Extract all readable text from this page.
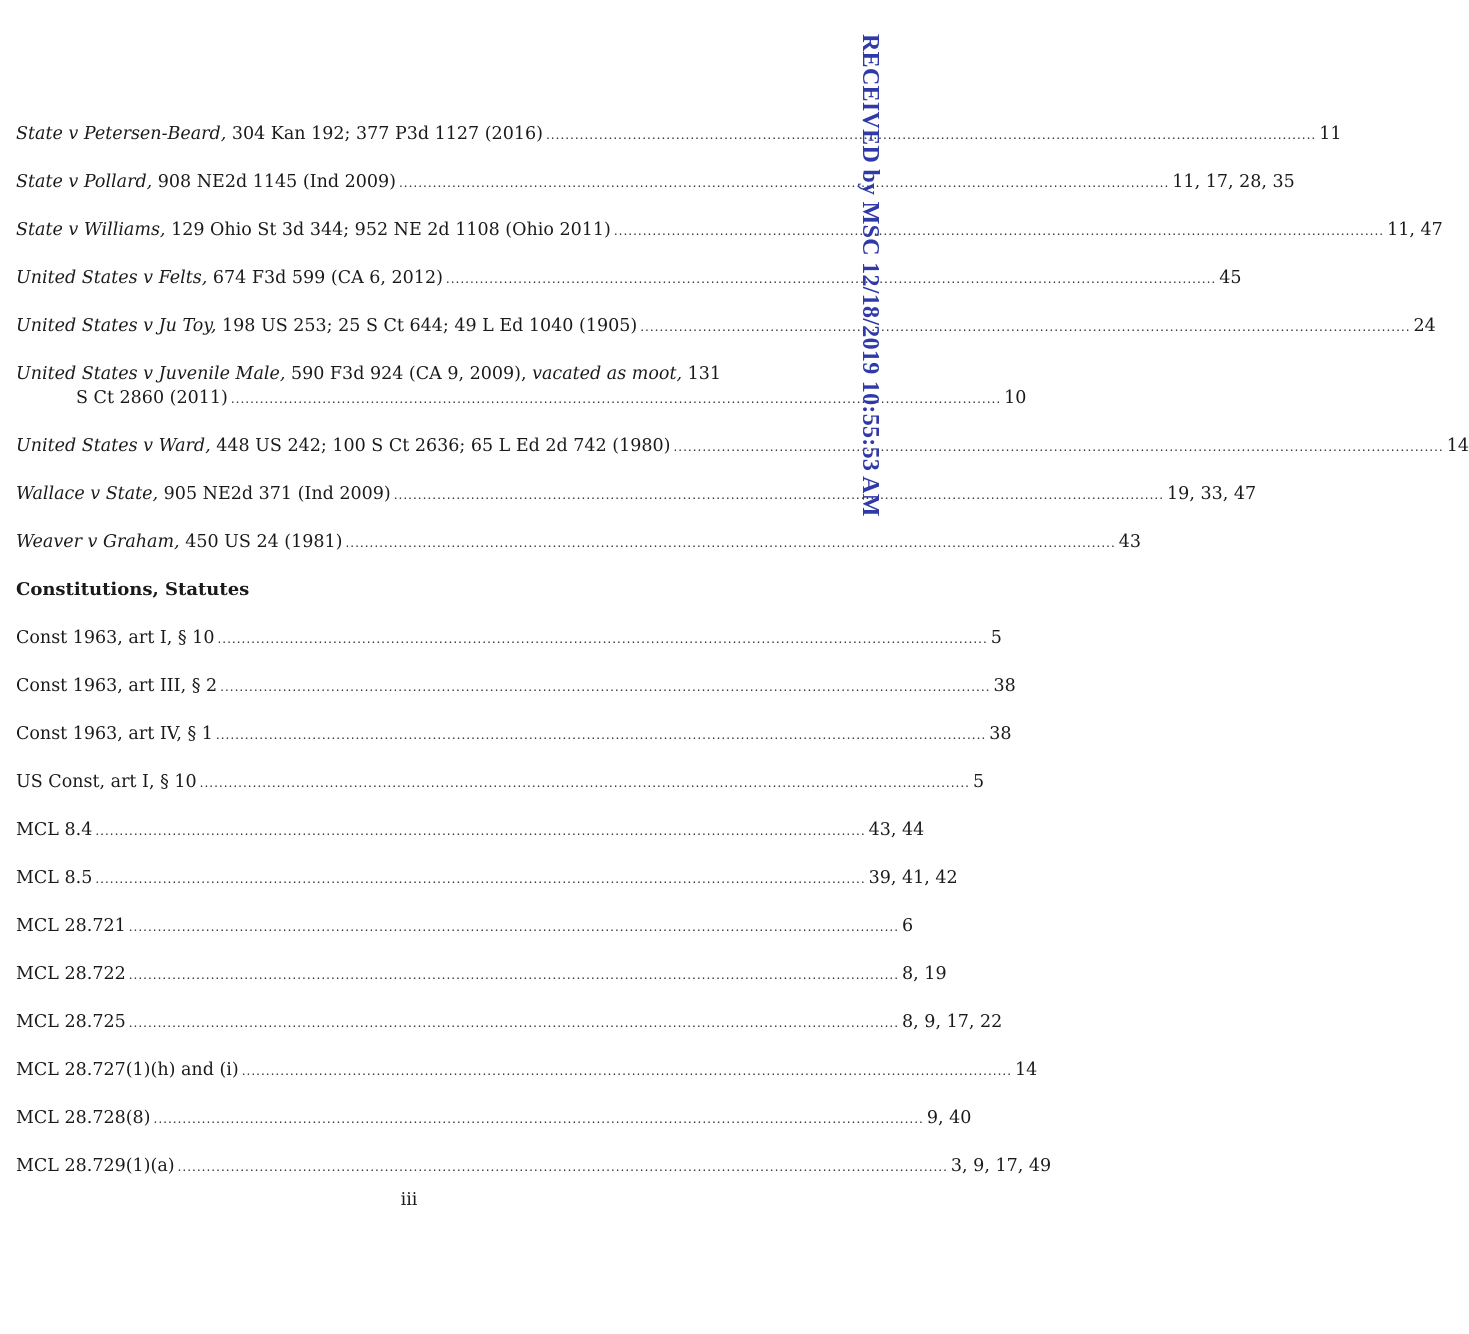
State v Petersen-Beard, 304 Kan 192; 377 P3d 1127 (2016) ................................................................................................................................................................ 11
State v Pollard, 908 NE2d 1145 (Ind 2009) ................................................................................................................................................................ 11, 17, 28, 35
State v Williams, 129 Ohio St 3d 344; 952 NE 2d 1108 (Ohio 2011) ................................................................................................................................................................ 11, 47
United States v Felts, 674 F3d 599 (CA 6, 2012) ................................................................................................................................................................ 45
United States v Ju Toy, 198 US 253; 25 S Ct 644; 49 L Ed 1040 (1905) ................................................................................................................................................................ 24
United States v Juvenile Male, 590 F3d 924 (CA 9, 2009), vacated as moot, 131
S Ct 2860 (2011) ................................................................................................................................................................ 10
United States v Ward, 448 US 242; 100 S Ct 2636; 65 L Ed 2d 742 (1980) ................................................................................................................................................................ 14
Wallace v State, 905 NE2d 371 (Ind 2009) ................................................................................................................................................................ 19, 33, 47
Weaver v Graham, 450 US 24 (1981) ................................................................................................................................................................ 43
Constitutions, Statutes
Const 1963, art I, § 10 ................................................................................................................................................................ 5
Const 1963, art III, § 2 ................................................................................................................................................................ 38
Const 1963, art IV, § 1 ................................................................................................................................................................ 38
US Const, art I, § 10 ................................................................................................................................................................ 5
MCL 8.4 ................................................................................................................................................................ 43, 44
MCL 8.5 ................................................................................................................................................................ 39, 41, 42
MCL 28.721 ................................................................................................................................................................ 6
MCL 28.722 ................................................................................................................................................................ 8, 19
MCL 28.725 ................................................................................................................................................................ 8, 9, 17, 22
MCL 28.727(1)(h) and (i) ................................................................................................................................................................ 14
MCL 28.728(8) ................................................................................................................................................................ 9, 40
MCL 28.729(1)(a) ................................................................................................................................................................ 3, 9, 17, 49
iii
RECEIVED by MSC 12/18/2019 10:55:53 AM
